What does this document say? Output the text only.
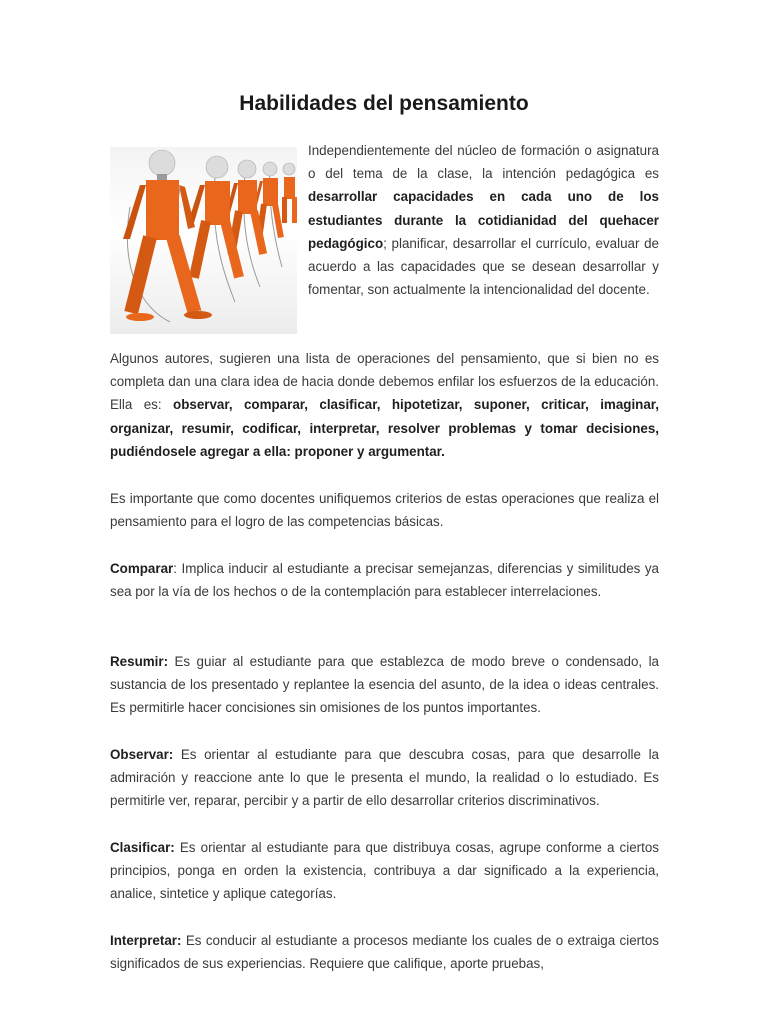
Habilidades del pensamiento

Independientemente del núcleo de formación o asignatura o del tema de la clase, la intención pedagógica es desarrollar capacidades en cada uno de los estudiantes durante la cotidianidad del quehacer pedagógico; planificar, desarrollar el currículo, evaluar de acuerdo a las capacidades que se desean desarrollar y fomentar, son actualmente la intencionalidad del docente.

Algunos autores, sugieren una lista de operaciones del pensamiento, que si bien no es completa dan una clara idea de hacia donde debemos enfilar los esfuerzos de la educación. Ella es: observar, comparar, clasificar, hipotetizar, suponer, criticar, imaginar, organizar, resumir, codificar, interpretar, resolver problemas y tomar decisiones, pudiéndosele agregar a ella: proponer y argumentar.

Es importante que como docentes unifiquemos criterios de estas operaciones que realiza el pensamiento para el logro de las competencias básicas.

Comparar: Implica inducir al estudiante a precisar semejanzas, diferencias y similitudes ya sea por la vía de los hechos o de la contemplación para establecer interrelaciones.

Resumir: Es guiar al estudiante para que establezca de modo breve o condensado, la sustancia de los presentado y replantee la esencia del asunto, de la idea o ideas centrales. Es permitirle hacer concisiones sin omisiones de los puntos importantes.

Observar: Es orientar al estudiante para que descubra cosas, para que desarrolle la admiración y reaccione ante lo que le presenta el mundo, la realidad o lo estudiado. Es permitirle ver, reparar, percibir y a partir de ello desarrollar criterios discriminativos.

Clasificar: Es orientar al estudiante para que distribuya cosas, agrupe conforme a ciertos principios, ponga en orden la existencia, contribuya a dar significado a la experiencia, analice, sintetice y aplique categorías.

Interpretar: Es conducir al estudiante a procesos mediante los cuales de o extraiga ciertos significados de sus experiencias. Requiere que califique, aporte pruebas,
